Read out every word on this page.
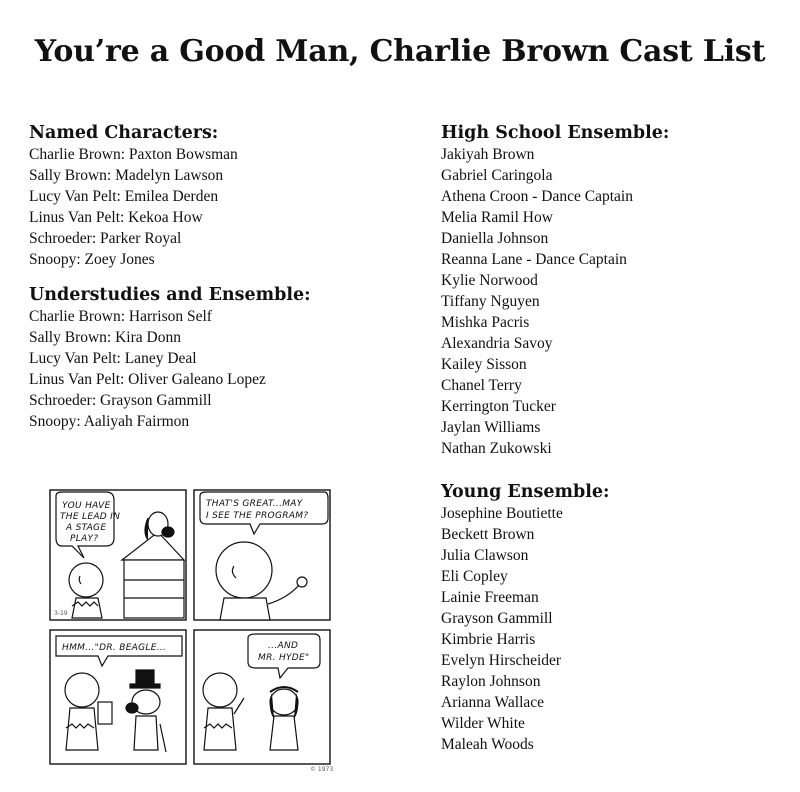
You’re a Good Man, Charlie Brown Cast List
Named Characters:
Charlie Brown: Paxton Bowsman
Sally Brown: Madelyn Lawson
Lucy Van Pelt: Emilea Derden
Linus Van Pelt: Kekoa How
Schroeder: Parker Royal
Snoopy: Zoey Jones
Understudies and Ensemble:
Charlie Brown: Harrison Self
Sally Brown: Kira Donn
Lucy Van Pelt: Laney Deal
Linus Van Pelt: Oliver Galeano Lopez
Schroeder: Grayson Gammill
Snoopy: Aaliyah Fairmon
High School Ensemble:
Jakiyah Brown
Gabriel Caringola
Athena Croon - Dance Captain
Melia Ramil How
Daniella Johnson
Reanna Lane - Dance Captain
Kylie Norwood
Tiffany Nguyen
Mishka Pacris
Alexandria Savoy
Kailey Sisson
Chanel Terry
Kerrington Tucker
Jaylan Williams
Nathan Zukowski
Young Ensemble:
Josephine Boutiette
Beckett Brown
Julia Clawson
Eli Copley
Lainie Freeman
Grayson Gammill
Kimbrie Harris
Evelyn Hirscheider
Raylon Johnson
Arianna Wallace
Wilder White
Maleah Woods
YOU HAVE
THE LEAD IN
A STAGE
PLAY?
3-19
THAT'S GREAT...MAY
I SEE THE PROGRAM?
HMM..."DR. BEAGLE...	...AND
MR. HYDE"
© 1973
